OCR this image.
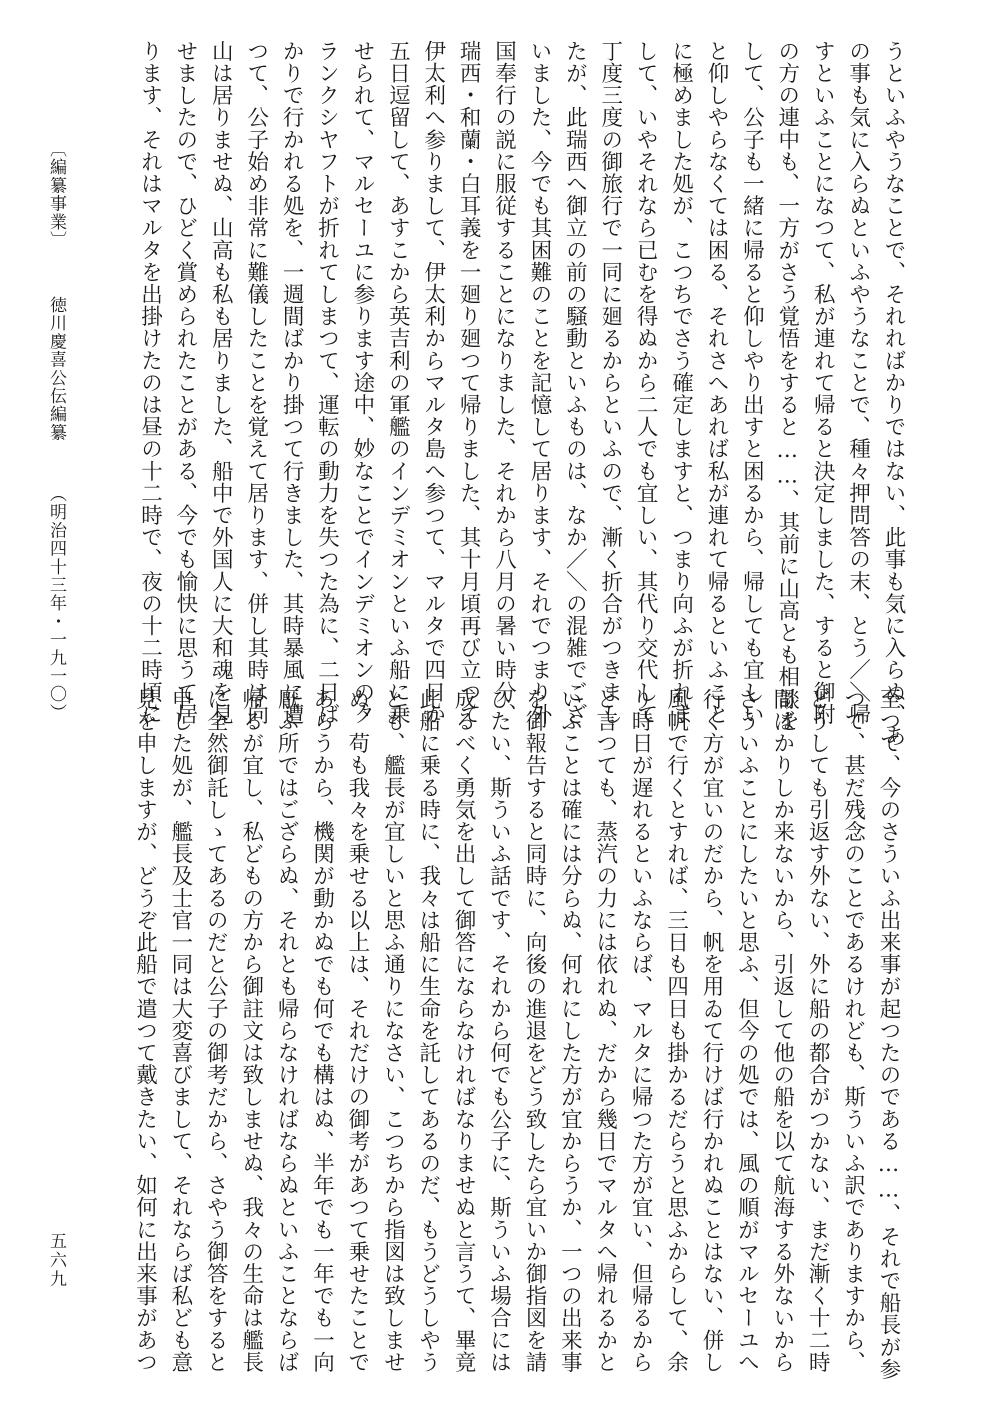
うといふやうなことで、それればかりではない、此事も気に入らぬ、あ

の事も気に入らぬといふやうなことで、種々押問答の末、とう／＼帰

すといふことになつて、私が連れて帰ると決定しました、すると御附

の方の連中も、一方がさう覚悟をすると……、其前に山高とも相談を

して、公子も一緒に帰ると仰しやり出すと困るから、帰しても宜しい

と仰しやらなくては困る、それさへあれば私が連れて帰るといふこと

に極めました処が、こつちでさう確定しますと、つまり向ふが折れま

して、いやそれなら已むを得ぬから二人でも宜しい、其代り交代して

丁度三度の御旅行で一同に廻るからといふので、漸く折合がつきまし

たが、此瑞西へ御立の前の騒動といふものは、なか／＼の混雑でござ

いました、今でも其困難のことを記憶して居ります、それでつまり外

国奉行の説に服従することになりました、それから八月の暑い時分、

瑞西・和蘭・白耳義を一廻り廻つて帰りました、其十月頃再び立つて

伊太利へ参りまして、伊太利からマルタ島へ参つて、マルタで四日か

五日逗留して、あすこから英吉利の軍艦のインデミオンといふ船に乗

せられて、マルセーユに参ります途中、妙なことでインデミオンのク

ランクシヤフトが折れてしまつて、運転の動力を失つた為に、二日ば

かりで行かれる処を、一週間ばかり掛つて行きました、其時暴風に遭

つて、公子始め非常に難儀したことを覚えて居ります、併し其時は向

山は居りませぬ、山高も私も居りました、船中で外国人に大和魂を見

せましたので、ひどく賞められたことがある、今でも愉快に思うて居

ります、それはマルタを出掛けたのは昼の十二時で、夜の十二時頃に

至つて、今のさういふ出来事が起つたのである……、それで船長が参

つて、甚だ残念のことであるけれども、斯ういふ訳でありますから、

どうしても引返す外ない、外に船の都合がつかない、まだ漸く十二時

間ばかりしか来ないから、引返して他の船を以て航海する外ないから

さういふことにしたいと思ふ、但今の処では、風の順がマルセーユへ

行く方が宜いのだから、帆を用ゐて行けば行かれぬことはない、併し

風帆で行くとすれば、三日も四日も掛かるだらうと思ふからして、余

り時日が遅れるといふならば、マルタに帰つた方が宜い、但帰るから

と言つても、蒸汽の力には依れぬ、だから幾日でマルタへ帰れるかと

いふことは確には分らぬ、何れにした方が宜からうか、一つの出来事

を御報告すると同時に、向後の進退をどう致したら宜いか御指図を請

ひたい、斯ういふ話です、それから何でも公子に、斯ういふ場合には

成るべく勇気を出して御答にならなければなりませぬと言うて、畢竟

此船に乗る時に、我々は船に生命を託してあるのだ、もうどうしやう

とも、艦長が宜しいと思ふ通りになさい、こつちから指図は致しませ

ぬ、苟も我々を乗せる以上は、それだけの御考があつて乗せたことで

あらうから、機関が動かぬでも何でも構はぬ、半年でも一年でも一向

厭ふ所ではござらぬ、それとも帰らなければならぬといふことならば

帰るが宜し、私どもの方から御註文は致しませぬ、我々の生命は艦長

に全然御託しゝてあるのだと公子の御考だから、さやう御答をすると

申した処が、艦長及士官一同は大変喜びまして、それならば私ども意

見を申しますが、どうぞ此船で遣つて戴きたい、如何に出来事があつ

〔編纂事業〕 徳川慶喜公伝編纂 （明治四十三年・一九一〇）
五六九
